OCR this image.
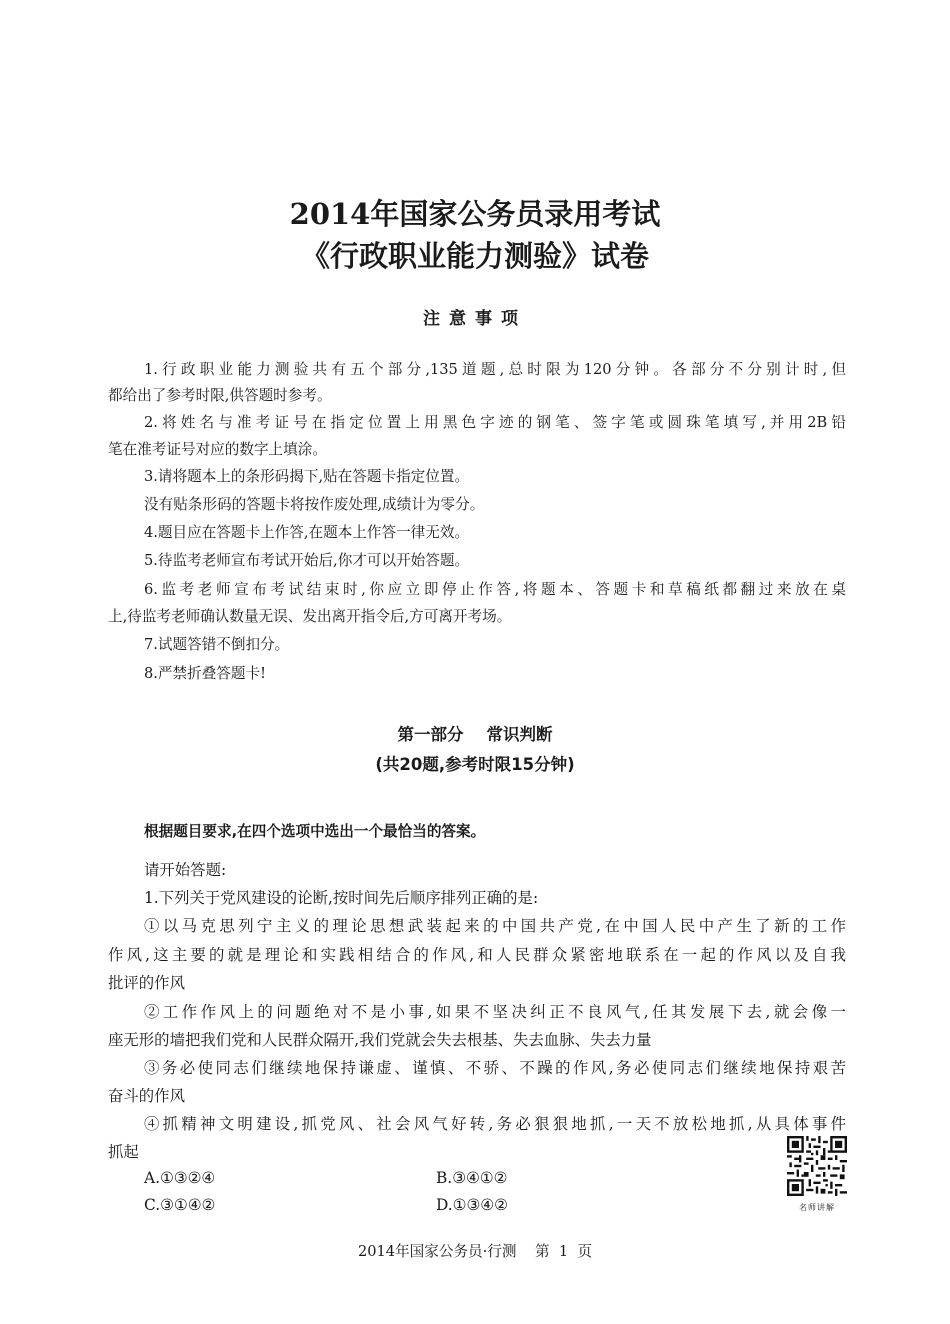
2014年国家公务员录用考试
《行政职业能力测验》试卷
注意事项
1.行政职业能力测验共有五个部分,135道题,总时限为120分钟。各部分不分别计时,但
都给出了参考时限,供答题时参考。
2.将姓名与准考证号在指定位置上用黑色字迹的钢笔、签字笔或圆珠笔填写,并用2B铅
笔在准考证号对应的数字上填涂。
3.请将题本上的条形码揭下,贴在答题卡指定位置。
没有贴条形码的答题卡将按作废处理,成绩计为零分。
4.题目应在答题卡上作答,在题本上作答一律无效。
5.待监考老师宣布考试开始后,你才可以开始答题。
6.监考老师宣布考试结束时,你应立即停止作答,将题本、答题卡和草稿纸都翻过来放在桌
上,待监考老师确认数量无误、发出离开指令后,方可离开考场。
7.试题答错不倒扣分。
8.严禁折叠答题卡!
第一部分    常识判断
(共20题,参考时限15分钟)
根据题目要求,在四个选项中选出一个最恰当的答案。
请开始答题:
1.下列关于党风建设的论断,按时间先后顺序排列正确的是:
①以马克思列宁主义的理论思想武装起来的中国共产党,在中国人民中产生了新的工作
作风,这主要的就是理论和实践相结合的作风,和人民群众紧密地联系在一起的作风以及自我
批评的作风
②工作作风上的问题绝对不是小事,如果不坚决纠正不良风气,任其发展下去,就会像一
座无形的墙把我们党和人民群众隔开,我们党就会失去根基、失去血脉、失去力量
③务必使同志们继续地保持谦虚、谨慎、不骄、不躁的作风,务必使同志们继续地保持艰苦
奋斗的作风
④抓精神文明建设,抓党风、社会风气好转,务必狠狠地抓,一天不放松地抓,从具体事件
抓起
A.①③②④	B.③④①②
C.③①④②	D.①③④②	名师讲解
2014年国家公务员·行测    第  1  页
